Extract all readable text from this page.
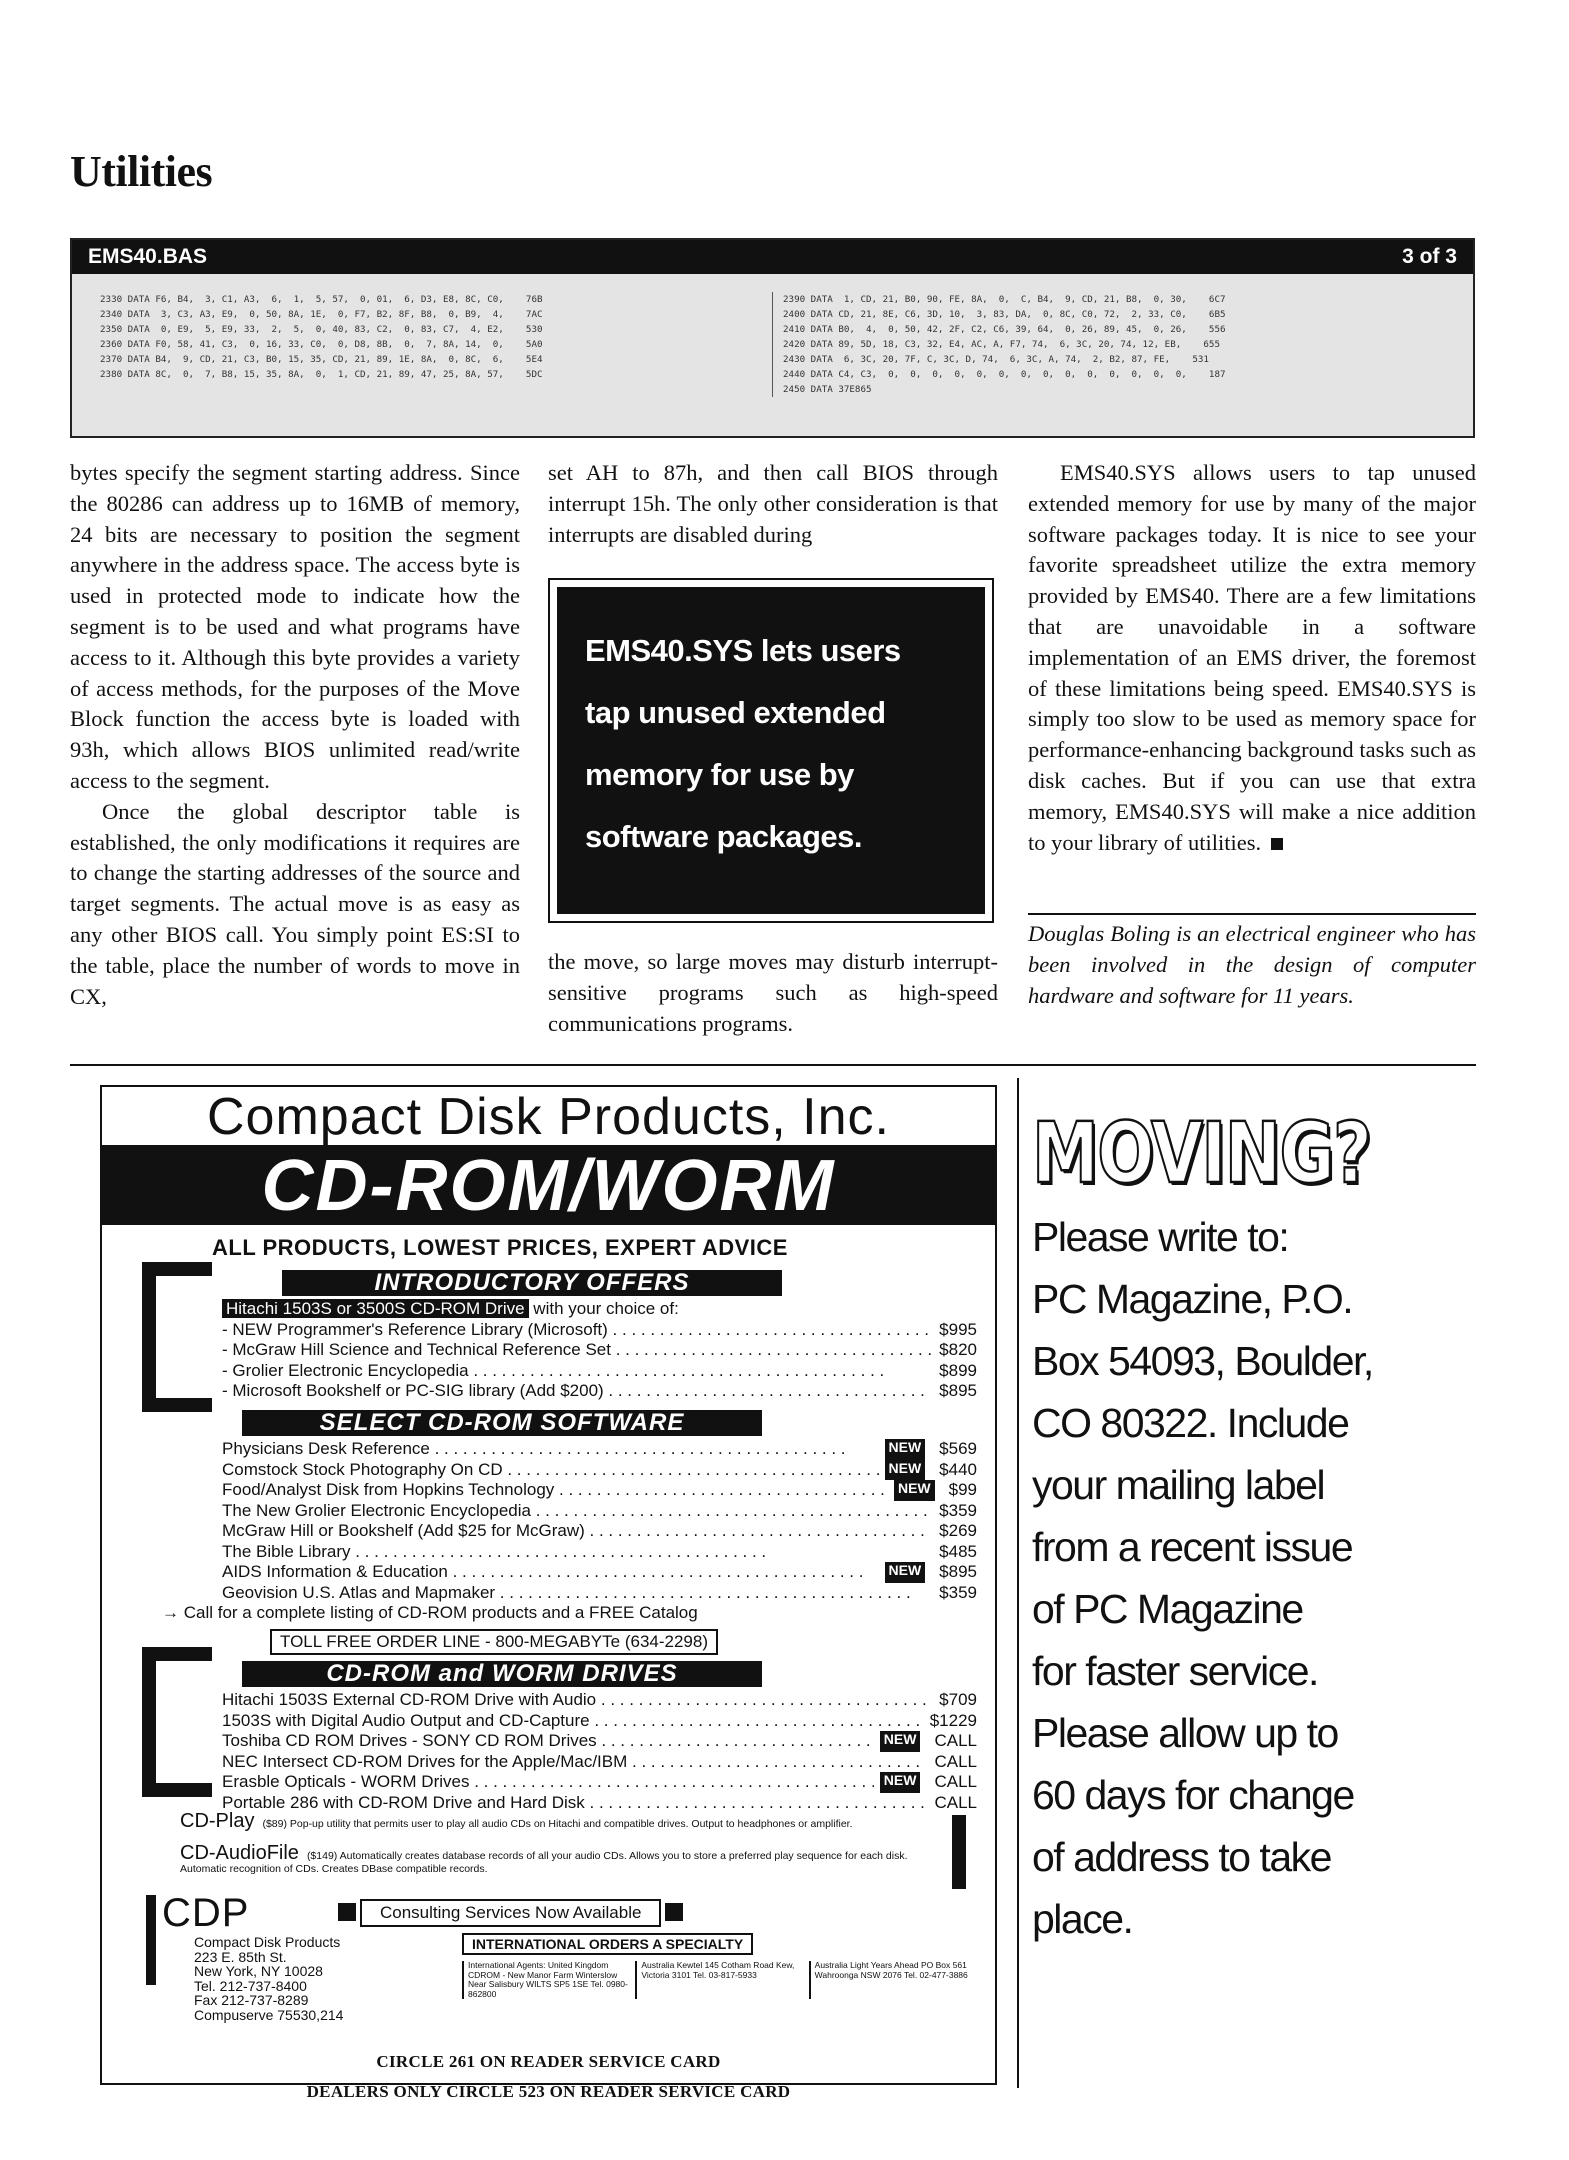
Utilities
EMS40.BAS	3 of 3
2330 DATA F6, B4,  3, C1, A3,  6,  1,  5, 57,  0, 01,  6, D3, E8, 8C, C0,    76B
2340 DATA  3, C3, A3, E9,  0, 50, 8A, 1E,  0, F7, B2, 8F, B8,  0, B9,  4,    7AC
2350 DATA  0, E9,  5, E9, 33,  2,  5,  0, 40, 83, C2,  0, 83, C7,  4, E2,    530
2360 DATA F0, 58, 41, C3,  0, 16, 33, C0,  0, D8, 8B,  0,  7, 8A, 14,  0,    5A0
2370 DATA B4,  9, CD, 21, C3, B0, 15, 35, CD, 21, 89, 1E, 8A,  0, 8C,  6,    5E4
2380 DATA 8C,  0,  7, B8, 15, 35, 8A,  0,  1, CD, 21, 89, 47, 25, 8A, 57,    5DC
2390 DATA  1, CD, 21, B0, 90, FE, 8A,  0,  C, B4,  9, CD, 21, B8,  0, 30,    6C7
2400 DATA CD, 21, 8E, C6, 3D, 10,  3, 83, DA,  0, 8C, C0, 72,  2, 33, C0,    6B5
2410 DATA B0,  4,  0, 50, 42, 2F, C2, C6, 39, 64,  0, 26, 89, 45,  0, 26,    556
2420 DATA 89, 5D, 18, C3, 32, E4, AC, A, F7, 74,  6, 3C, 20, 74, 12, EB,    655
2430 DATA  6, 3C, 20, 7F, C, 3C, D, 74,  6, 3C, A, 74,  2, B2, 87, FE,    531
2440 DATA C4, C3,  0,  0,  0,  0,  0,  0,  0,  0,  0,  0,  0,  0,  0,  0,    187
2450 DATA 37E865

bytes specify the segment starting address. Since the 80286 can address up to 16MB of memory, 24 bits are necessary to position the segment anywhere in the address space. The access byte is used in protected mode to indicate how the segment is to be used and what programs have access to it. Although this byte provides a variety of access methods, for the purposes of the Move Block function the access byte is loaded with 93h, which allows BIOS unlimited read/write access to the segment.

Once the global descriptor table is established, the only modifications it requires are to change the starting addresses of the source and target segments. The actual move is as easy as any other BIOS call. You simply point ES:SI to the table, place the number of words to move in CX,

set AH to 87h, and then call BIOS through interrupt 15h. The only other consideration is that interrupts are disabled during

EMS40.SYS lets users
tap unused extended
memory for use by
software packages.

the move, so large moves may disturb interrupt-sensitive programs such as high-speed communications programs.

EMS40.SYS allows users to tap unused extended memory for use by many of the major software packages today. It is nice to see your favorite spreadsheet utilize the extra memory provided by EMS40. There are a few limitations that are unavoidable in a software implementation of an EMS driver, the foremost of these limitations being speed. EMS40.SYS is simply too slow to be used as memory space for performance-enhancing background tasks such as disk caches. But if you can use that extra memory, EMS40.SYS will make a nice addition to your library of utilities.

Douglas Boling is an electrical engineer who has been involved in the design of computer hardware and software for 11 years.
Compact Disk Products, Inc.
CD-ROM/WORM
ALL PRODUCTS, LOWEST PRICES, EXPERT ADVICE
INTRODUCTORY OFFERS
Hitachi 1503S or 3500S CD-ROM Drive with your choice of:
- NEW Programmer's Reference Library (Microsoft) . . .	$995
- McGraw Hill Science and Technical Reference Set . . .	$820
- Grolier Electronic Encyclopedia . . .	$899
- Microsoft Bookshelf or PC-SIG library (Add $200) . . .	$895
SELECT CD-ROM SOFTWARE
Physicians Desk Reference . . .	NEW	$569
Comstock Stock Photography On CD . . .	NEW	$440
Food/Analyst Disk from Hopkins Technology . . .	NEW	$99
The New Grolier Electronic Encyclopedia . . .	$359
McGraw Hill or Bookshelf (Add $25 for McGraw) . . .	$269
The Bible Library . . .	$485
AIDS Information & Education . . .	NEW	$895
Geovision U.S. Atlas and Mapmaker . . .	$359
→ Call for a complete listing of CD-ROM products and a FREE Catalog
TOLL FREE ORDER LINE - 800-MEGABYTe (634-2298)
CD-ROM and WORM DRIVES
Hitachi 1503S External CD-ROM Drive with Audio . . .	$709
1503S with Digital Audio Output and CD-Capture . . .	$1229
Toshiba CD ROM Drives - SONY CD ROM Drives . . .	NEW	CALL
NEC Intersect CD-ROM Drives for the Apple/Mac/IBM . . .	CALL
Erasble Opticals - WORM Drives . . .	NEW	CALL
Portable 286 with CD-ROM Drive and Hard Disk . . .	CALL
CD-Play ($89) Pop-up utility that permits user to play all audio CDs on Hitachi and compatible drives. Output to headphones or amplifier.
CD-AudioFile ($149) Automatically creates database records of all your audio CDs. Allows you to store a preferred play sequence for each disk. Automatic recognition of CDs. Creates DBase compatible records.
CDP	Consulting Services Now Available
Compact Disk Products
223 E. 85th St.
New York, NY 10028
Tel. 212-737-8400
Fax 212-737-8289
Compuserve 75530,214
INTERNATIONAL ORDERS A SPECIALTY
International Agents: United Kingdom CDROM - New Manor Farm Winterslow Near Salisbury WILTS SP5 1SE Tel. 0980-862800
Australia Kewtel 145 Cotham Road Kew, Victoria 3101 Tel. 03-817-5933
Australia Light Years Ahead PO Box 561 Wahroonga NSW 2076 Tel. 02-477-3886
MOVING?
Please write to:
PC Magazine, P.O.
Box 54093, Boulder,
CO 80322. Include
your mailing label
from a recent issue
of PC Magazine
for faster service.
Please allow up to
60 days for change
of address to take
place.
CIRCLE 261 ON READER SERVICE CARD
DEALERS ONLY CIRCLE 523 ON READER SERVICE CARD
